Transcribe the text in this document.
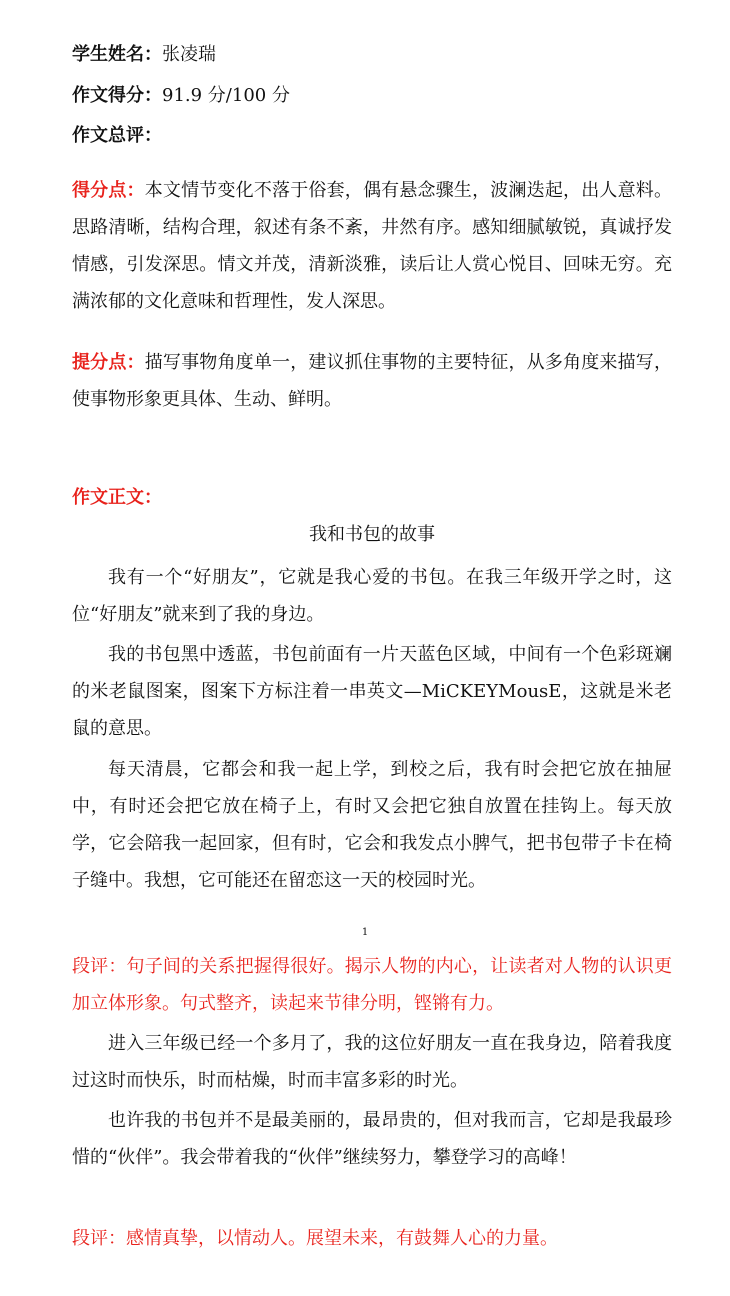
学生姓名：张凌瑞
作文得分：91.9 分/100 分
作文总评：

得分点：本文情节变化不落于俗套，偶有悬念骤生，波澜迭起，出人意料。思路清晰，结构合理，叙述有条不紊，井然有序。感知细腻敏锐，真诚抒发情感，引发深思。情文并茂，清新淡雅，读后让人赏心悦目、回味无穷。充满浓郁的文化意味和哲理性，发人深思。

提分点：描写事物角度单一，建议抓住事物的主要特征，从多角度来描写，使事物形象更具体、生动、鲜明。

作文正文：
我和书包的故事

我有一个“好朋友”，它就是我心爱的书包。在我三年级开学之时，这位“好朋友”就来到了我的身边。

我的书包黑中透蓝，书包前面有一片天蓝色区域，中间有一个色彩斑斓的米老鼠图案，图案下方标注着一串英文—MiCKEYMousE，这就是米老鼠的意思。

每天清晨，它都会和我一起上学，到校之后，我有时会把它放在抽屉中，有时还会把它放在椅子上，有时又会把它独自放置在挂钩上。每天放学，它会陪我一起回家，但有时，它会和我发点小脾气，把书包带子卡在椅子缝中。我想，它可能还在留恋这一天的校园时光。

1

段评：句子间的关系把握得很好。揭示人物的内心，让读者对人物的认识更加立体形象。句式整齐，读起来节律分明，铿锵有力。

进入三年级已经一个多月了，我的这位好朋友一直在我身边，陪着我度过这时而快乐，时而枯燥，时而丰富多彩的时光。

也许我的书包并不是最美丽的，最昂贵的，但对我而言，它却是我最珍惜的“伙伴”。我会带着我的“伙伴”继续努力，攀登学习的高峰！

段评：感情真挚，以情动人。展望未来，有鼓舞人心的力量。
